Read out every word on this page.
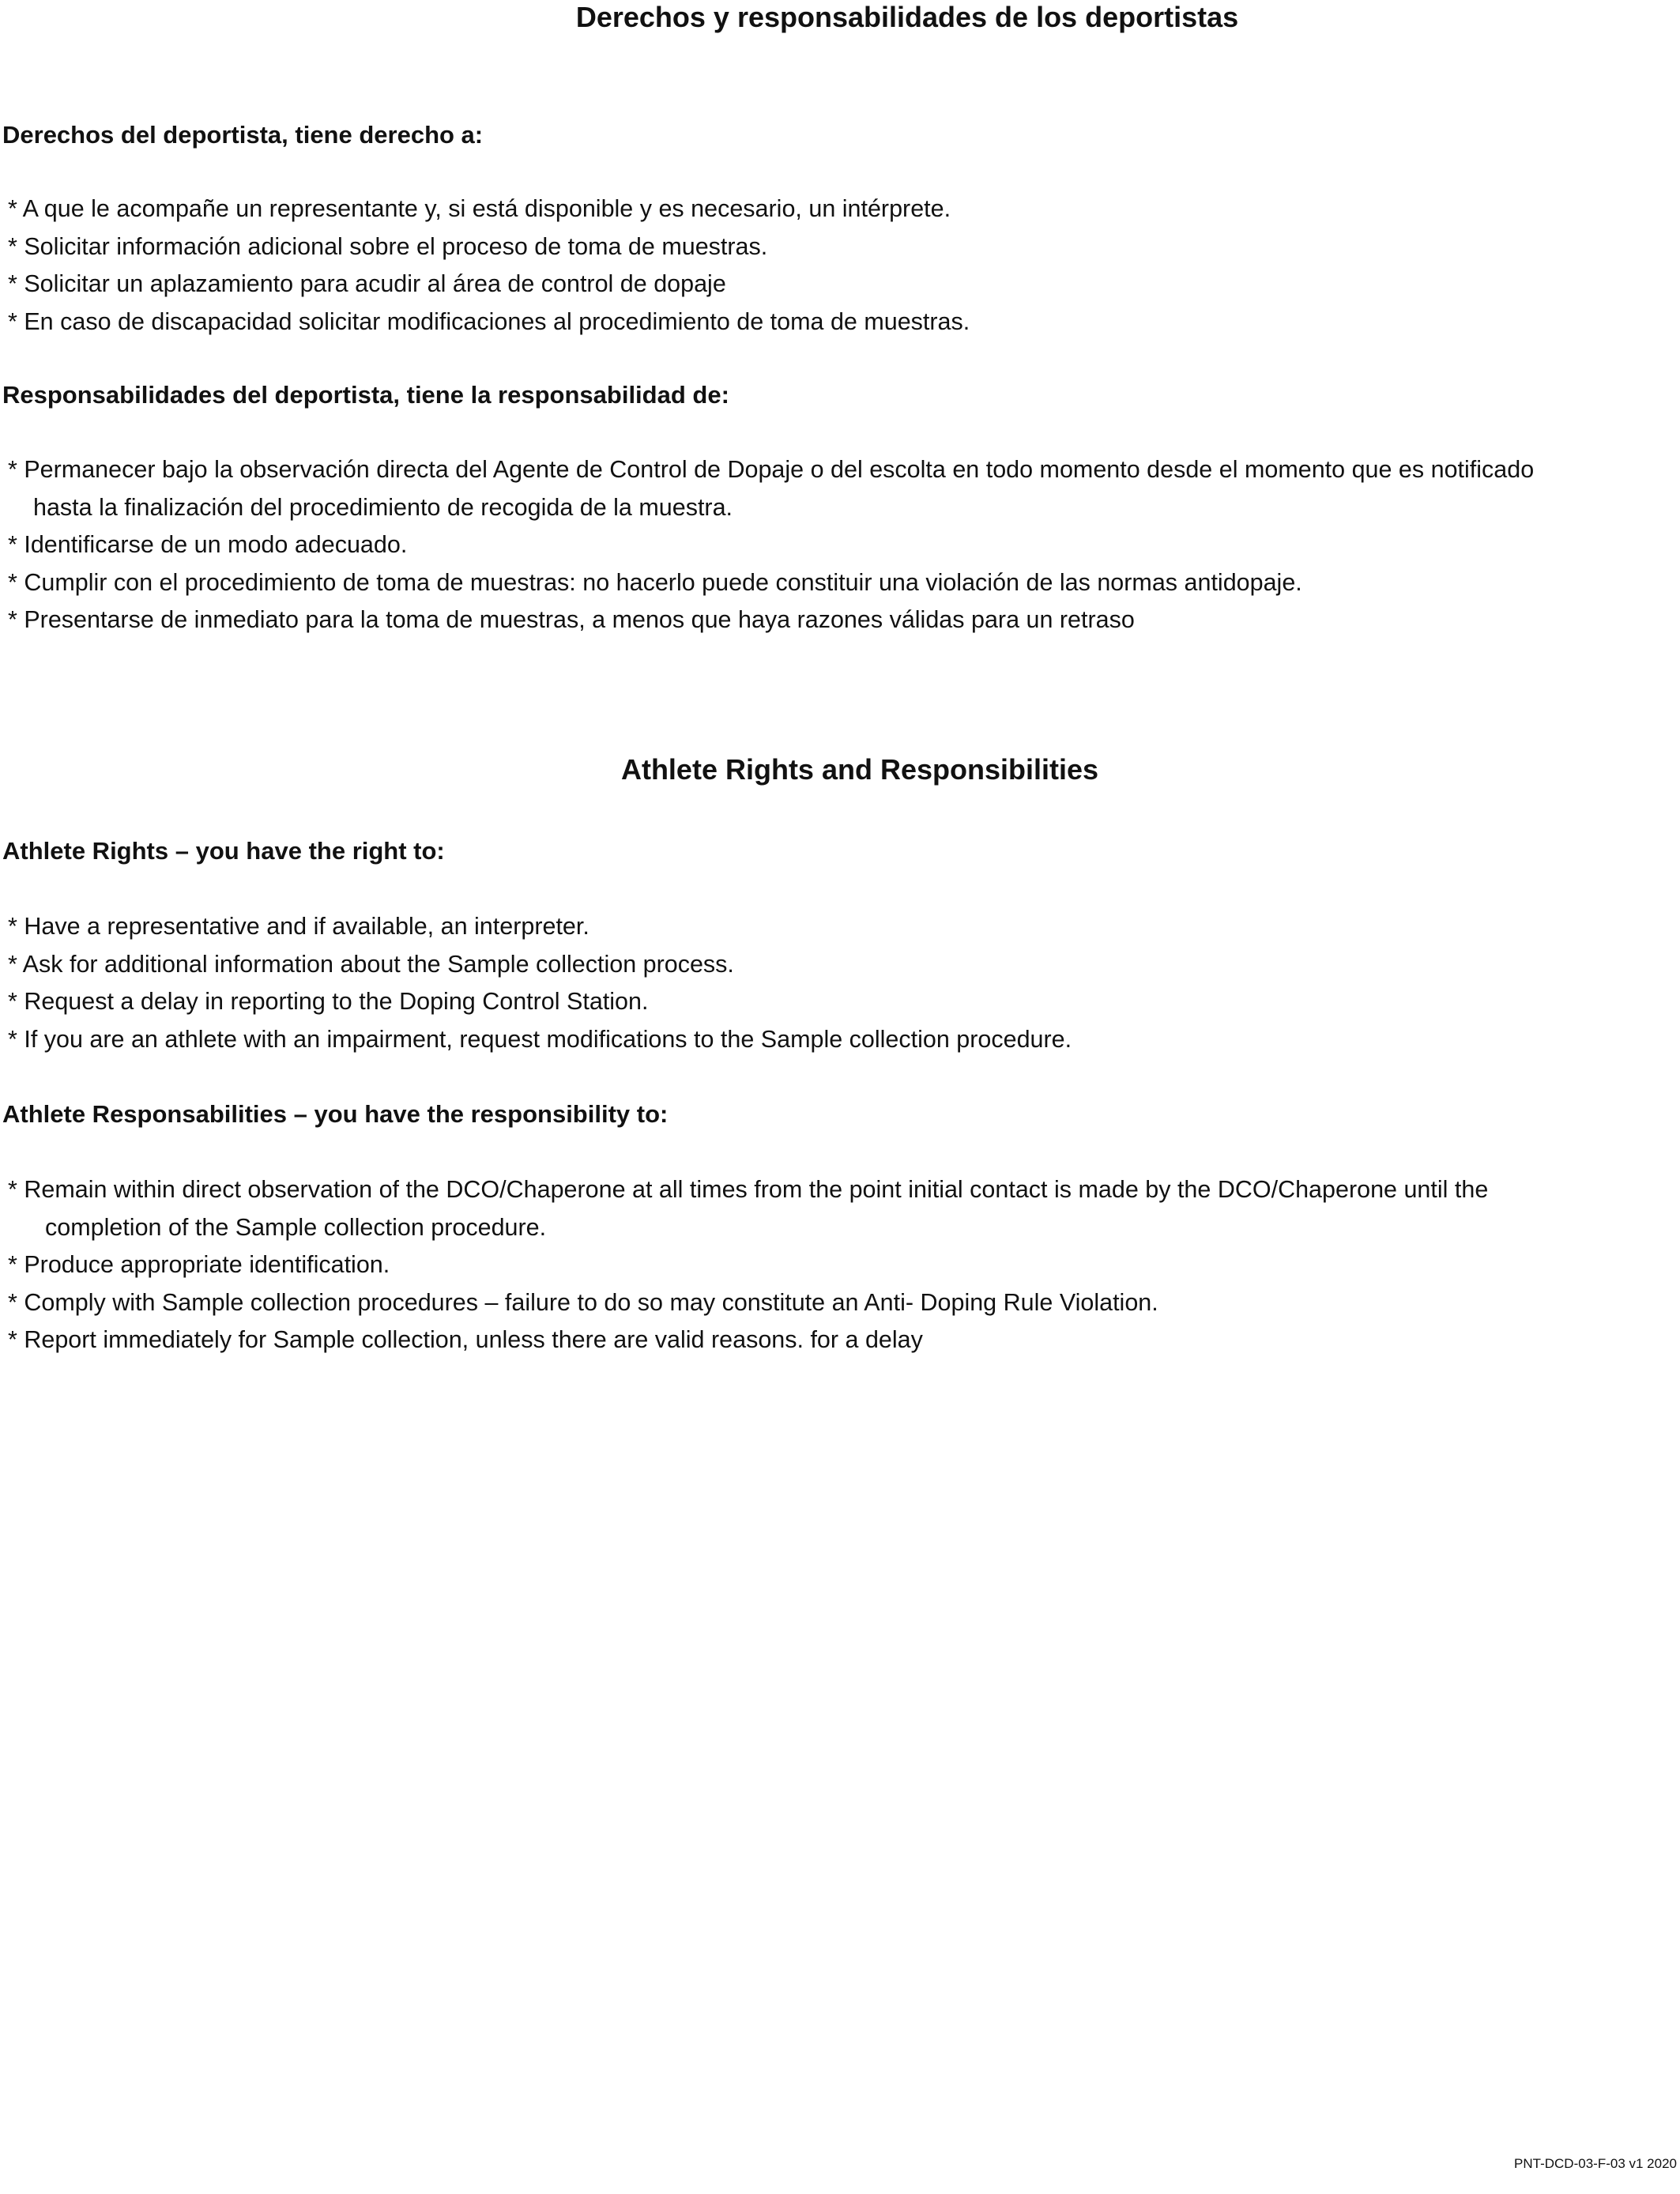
Derechos y responsabilidades de los deportistas
Derechos del deportista, tiene derecho a:
* A que le acompañe un representante y, si está disponible y es necesario, un intérprete.
* Solicitar información adicional sobre el proceso de toma de muestras.
* Solicitar un aplazamiento para acudir al área de control de dopaje
* En caso de discapacidad solicitar modificaciones al procedimiento de toma de muestras.
Responsabilidades del deportista, tiene la responsabilidad de:
* Permanecer bajo la observación directa del Agente de Control de Dopaje o del escolta en todo momento desde el momento que es notificado
hasta la finalización del procedimiento de recogida de la muestra.
* Identificarse de un modo adecuado.
* Cumplir con el procedimiento de toma de muestras: no hacerlo puede constituir una violación de las normas antidopaje.
* Presentarse de inmediato para la toma de muestras, a menos que haya razones válidas para un retraso
Athlete Rights and Responsibilities
Athlete Rights – you have the right to:
* Have a representative and if available, an interpreter.
* Ask for additional information about the Sample collection process.
* Request a delay in reporting to the Doping Control Station.
* If you are an athlete with an impairment, request modifications to the Sample collection procedure.
Athlete Responsabilities – you have the responsibility to:
* Remain within direct observation of the DCO/Chaperone at all times from the point initial contact is made by the DCO/Chaperone until the
completion of the Sample collection procedure.
* Produce appropriate identification.
* Comply with Sample collection procedures – failure to do so may constitute an Anti- Doping Rule Violation.
* Report immediately for Sample collection, unless there are valid reasons. for a delay
PNT-DCD-03-F-03 v1 2020
